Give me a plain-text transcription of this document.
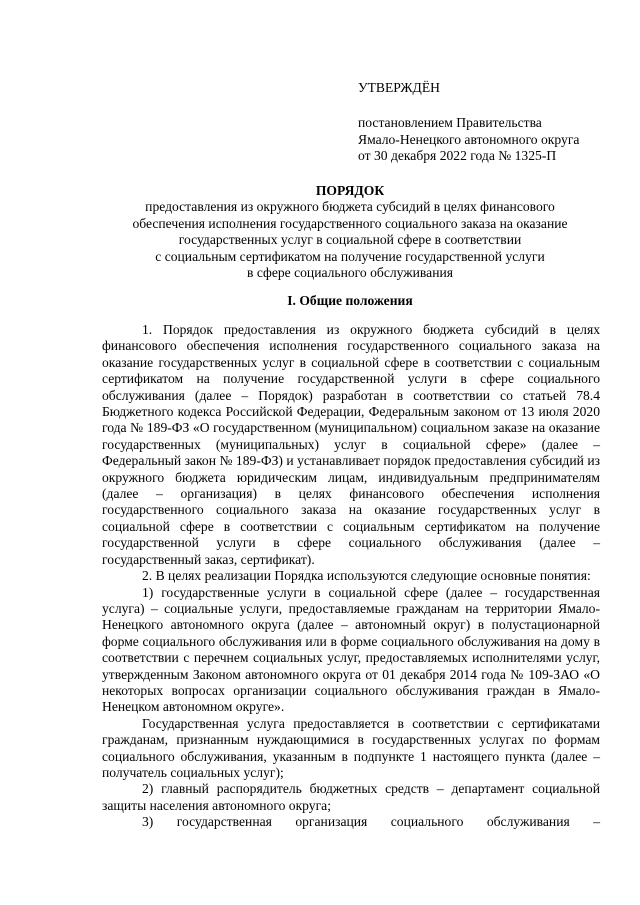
УТВЕРЖДЁН
постановлением Правительства
Ямало-Ненецкого автономного округа
от 30 декабря 2022 года № 1325-П
ПОРЯДОК
предоставления из окружного бюджета субсидий в целях финансового
обеспечения исполнения государственного социального заказа на оказание
государственных услуг в социальной сфере в соответствии
с социальным сертификатом на получение государственной услуги
в сфере социального обслуживания
I. Общие положения

1. Порядок предоставления из окружного бюджета субсидий в целях финансового обеспечения исполнения государственного социального заказа на оказание государственных услуг в социальной сфере в соответствии с социальным сертификатом на получение государственной услуги в сфере социального обслуживания (далее – Порядок) разработан в соответствии со статьей 78.4 Бюджетного кодекса Российской Федерации, Федеральным законом от 13 июля 2020 года № 189-ФЗ «О государственном (муниципальном) социальном заказе на оказание государственных (муниципальных) услуг в социальной сфере» (далее – Федеральный закон № 189-ФЗ) и устанавливает порядок предоставления субсидий из окружного бюджета юридическим лицам, индивидуальным предпринимателям (далее – организация) в целях финансового обеспечения исполнения государственного социального заказа на оказание государственных услуг в социальной сфере в соответствии с социальным сертификатом на получение государственной услуги в сфере социального обслуживания (далее – государственный заказ, сертификат).

2. В целях реализации Порядка используются следующие основные понятия:

1) государственные услуги в социальной сфере (далее – государственная услуга) – социальные услуги, предоставляемые гражданам на территории Ямало-Ненецкого автономного округа (далее – автономный округ) в полустационарной форме социального обслуживания или в форме социального обслуживания на дому в соответствии с перечнем социальных услуг, предоставляемых исполнителями услуг, утвержденным Законом автономного округа от 01 декабря 2014 года № 109-ЗАО «О некоторых вопросах организации социального обслуживания граждан в Ямало-Ненецком автономном округе».

Государственная услуга предоставляется в соответствии с сертификатами гражданам, признанным нуждающимися в государственных услугах по формам социального обслуживания, указанным в подпункте 1 настоящего пункта (далее – получатель социальных услуг);

2) главный распорядитель бюджетных средств – департамент социальной защиты населения автономного округа;

3) государственная организация социального обслуживания –
